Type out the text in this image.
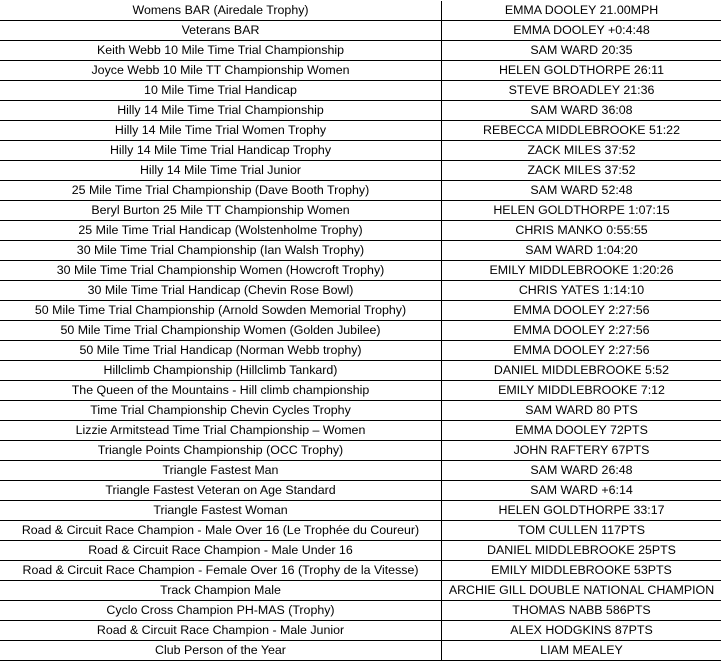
Womens BAR (Airedale Trophy)	EMMA DOOLEY 21.00MPH
Veterans BAR	EMMA DOOLEY +0:4:48
Keith Webb 10 Mile Time Trial Championship	SAM WARD 20:35
Joyce Webb 10 Mile TT Championship Women	HELEN GOLDTHORPE 26:11
10 Mile Time Trial Handicap	STEVE BROADLEY 21:36
Hilly 14 Mile Time Trial Championship	SAM WARD 36:08
Hilly 14 Mile Time Trial Women Trophy	REBECCA MIDDLEBROOKE 51:22
Hilly 14 Mile Time Trial Handicap Trophy	ZACK MILES 37:52
Hilly 14 Mile Time Trial Junior	ZACK MILES 37:52
25 Mile Time Trial Championship (Dave Booth Trophy)	SAM WARD 52:48
Beryl Burton 25 Mile TT Championship Women	HELEN GOLDTHORPE 1:07:15
25 Mile Time Trial Handicap (Wolstenholme Trophy)	CHRIS MANKO 0:55:55
30 Mile Time Trial Championship (Ian Walsh Trophy)	SAM WARD 1:04:20
30 Mile Time Trial Championship Women (Howcroft Trophy)	EMILY MIDDLEBROOKE 1:20:26
30 Mile Time Trial Handicap (Chevin Rose Bowl)	CHRIS YATES 1:14:10
50 Mile Time Trial Championship (Arnold Sowden Memorial Trophy)	EMMA DOOLEY 2:27:56
50 Mile Time Trial Championship Women (Golden Jubilee)	EMMA DOOLEY 2:27:56
50 Mile Time Trial Handicap (Norman Webb trophy)	EMMA DOOLEY 2:27:56
Hillclimb Championship (Hillclimb Tankard)	DANIEL MIDDLEBROOKE 5:52
The Queen of the Mountains - Hill climb championship	EMILY MIDDLEBROOKE 7:12
Time Trial Championship Chevin Cycles Trophy	SAM WARD 80 PTS
Lizzie Armitstead Time Trial Championship – Women	EMMA DOOLEY 72PTS
Triangle Points Championship (OCC Trophy)	JOHN RAFTERY 67PTS
Triangle Fastest Man	SAM WARD 26:48
Triangle Fastest Veteran on Age Standard	SAM WARD +6:14
Triangle Fastest Woman	HELEN GOLDTHORPE 33:17
Road & Circuit Race Champion - Male Over 16 (Le Trophée du Coureur)	TOM CULLEN 117PTS
Road & Circuit Race Champion - Male Under 16	DANIEL MIDDLEBROOKE 25PTS
Road & Circuit Race Champion - Female Over 16 (Trophy de la Vitesse)	EMILY MIDDLEBROOKE 53PTS
Track Champion Male	ARCHIE GILL DOUBLE NATIONAL CHAMPION
Cyclo Cross Champion PH-MAS (Trophy)	THOMAS NABB 586PTS
Road & Circuit Race Champion - Male Junior	ALEX HODGKINS 87PTS
Club Person of the Year	LIAM MEALEY
